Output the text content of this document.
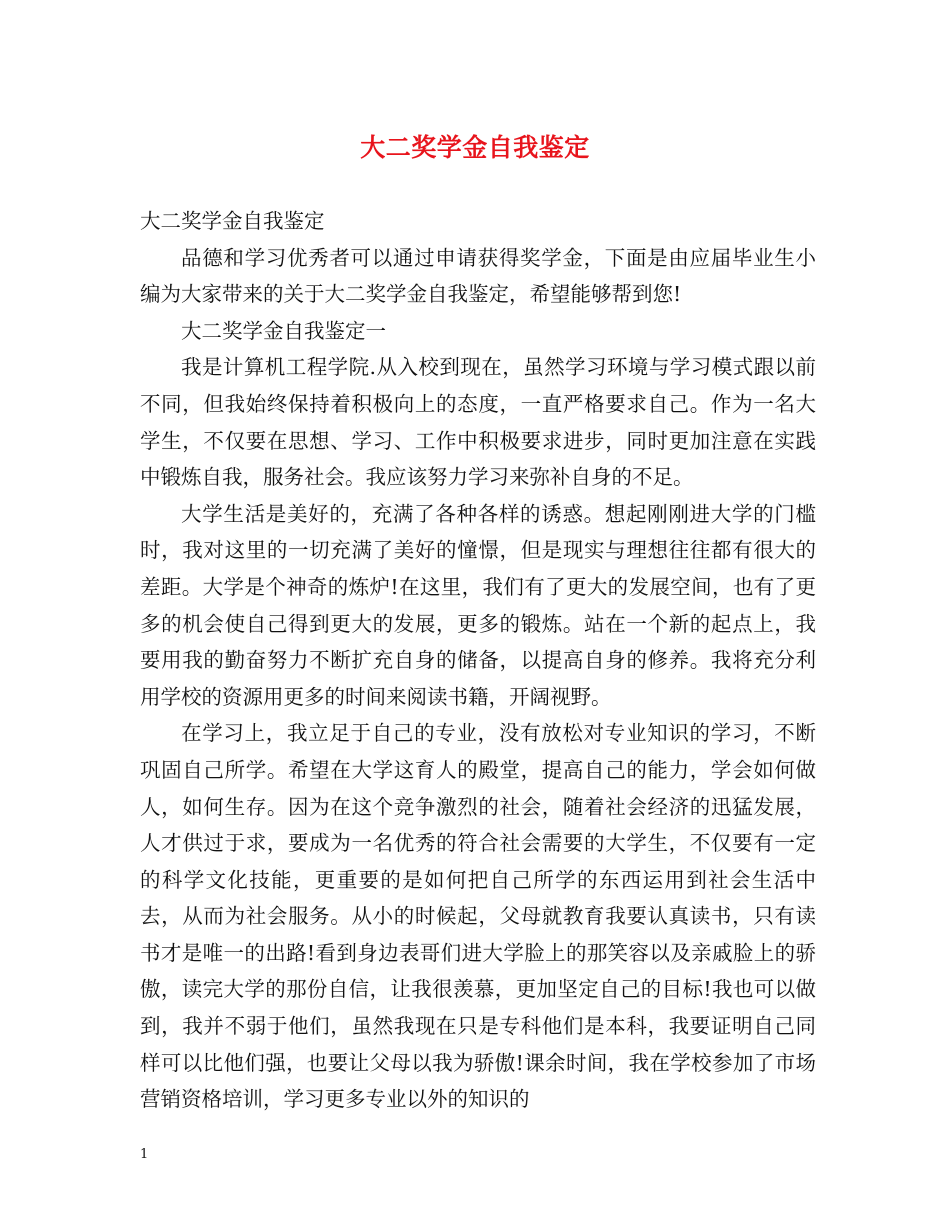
大二奖学金自我鉴定

大二奖学金自我鉴定

品德和学习优秀者可以通过申请获得奖学金，下面是由应届毕业生小编为大家带来的关于大二奖学金自我鉴定，希望能够帮到您!

大二奖学金自我鉴定一

我是计算机工程学院.从入校到现在，虽然学习环境与学习模式跟以前不同，但我始终保持着积极向上的态度，一直严格要求自己。作为一名大学生，不仅要在思想、学习、工作中积极要求进步，同时更加注意在实践中锻炼自我，服务社会。我应该努力学习来弥补自身的不足。

大学生活是美好的，充满了各种各样的诱惑。想起刚刚进大学的门槛时，我对这里的一切充满了美好的憧憬，但是现实与理想往往都有很大的差距。大学是个神奇的炼炉!在这里，我们有了更大的发展空间，也有了更多的机会使自己得到更大的发展，更多的锻炼。站在一个新的起点上，我要用我的勤奋努力不断扩充自身的储备，以提高自身的修养。我将充分利用学校的资源用更多的时间来阅读书籍，开阔视野。

在学习上，我立足于自己的专业，没有放松对专业知识的学习，不断巩固自己所学。希望在大学这育人的殿堂，提高自己的能力，学会如何做人，如何生存。因为在这个竞争激烈的社会，随着社会经济的迅猛发展，人才供过于求，要成为一名优秀的符合社会需要的大学生，不仅要有一定的科学文化技能，更重要的是如何把自己所学的东西运用到社会生活中去，从而为社会服务。从小的时候起，父母就教育我要认真读书，只有读书才是唯一的出路!看到身边表哥们进大学脸上的那笑容以及亲戚脸上的骄傲，读完大学的那份自信，让我很羡慕，更加坚定自己的目标!我也可以做到，我并不弱于他们，虽然我现在只是专科他们是本科，我要证明自己同样可以比他们强，也要让父母以我为骄傲!课余时间，我在学校参加了市场营销资格培训，学习更多专业以外的知识的

1
